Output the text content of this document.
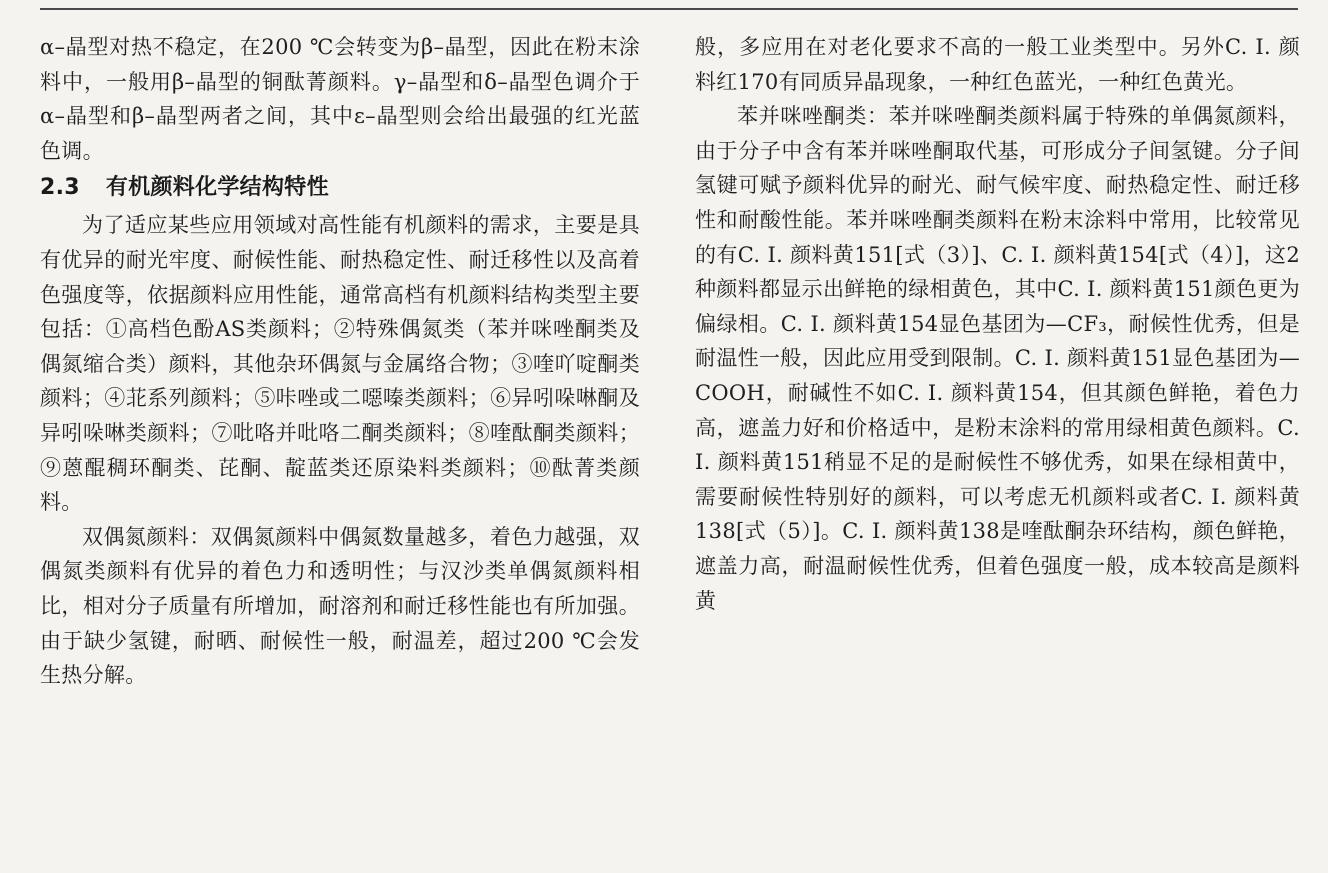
α–晶型对热不稳定，在200 ℃会转变为β–晶型，因此在粉末涂料中，一般用β–晶型的铜酞菁颜料。γ–晶型和δ–晶型色调介于α–晶型和β–晶型两者之间，其中ε–晶型则会给出最强的红光蓝色调。

2.3 有机颜料化学结构特性

为了适应某些应用领域对高性能有机颜料的需求，主要是具有优异的耐光牢度、耐候性能、耐热稳定性、耐迁移性以及高着色强度等，依据颜料应用性能，通常高档有机颜料结构类型主要包括：①高档色酚AS类颜料；②特殊偶氮类（苯并咪唑酮类及偶氮缩合类）颜料，其他杂环偶氮与金属络合物；③喹吖啶酮类颜料；④苝系列颜料；⑤咔唑或二噁嗪类颜料；⑥异吲哚啉酮及异吲哚啉类颜料；⑦吡咯并吡咯二酮类颜料；⑧喹酞酮类颜料；⑨蒽醌稠环酮类、芘酮、靛蓝类还原染料类颜料；⑩酞菁类颜料。

双偶氮颜料：双偶氮颜料中偶氮数量越多，着色力越强，双偶氮类颜料有优异的着色力和透明性；与汉沙类单偶氮颜料相比，相对分子质量有所增加，耐溶剂和耐迁移性能也有所加强。由于缺少氢键，耐晒、耐候性一般，耐温差，超过200 ℃会发生热分解。

般，多应用在对老化要求不高的一般工业类型中。另外C. I. 颜料红170有同质异晶现象，一种红色蓝光，一种红色黄光。

苯并咪唑酮类：苯并咪唑酮类颜料属于特殊的单偶氮颜料，由于分子中含有苯并咪唑酮取代基，可形成分子间氢键。分子间氢键可赋予颜料优异的耐光、耐气候牢度、耐热稳定性、耐迁移性和耐酸性能。苯并咪唑酮类颜料在粉末涂料中常用，比较常见的有C. I. 颜料黄151[式（3）]、C. I. 颜料黄154[式（4）]，这2种颜料都显示出鲜艳的绿相黄色，其中C. I. 颜料黄151颜色更为偏绿相。C. I. 颜料黄154显色基团为—CF₃，耐候性优秀，但是耐温性一般，因此应用受到限制。C. I. 颜料黄151显色基团为—COOH，耐碱性不如C. I. 颜料黄154，但其颜色鲜艳，着色力高，遮盖力好和价格适中，是粉末涂料的常用绿相黄色颜料。C. I. 颜料黄151稍显不足的是耐候性不够优秀，如果在绿相黄中，需要耐候性特别好的颜料，可以考虑无机颜料或者C. I. 颜料黄138[式（5）]。C. I. 颜料黄138是喹酞酮杂环结构，颜色鲜艳，遮盖力高，耐温耐候性优秀，但着色强度一般，成本较高是颜料黄
